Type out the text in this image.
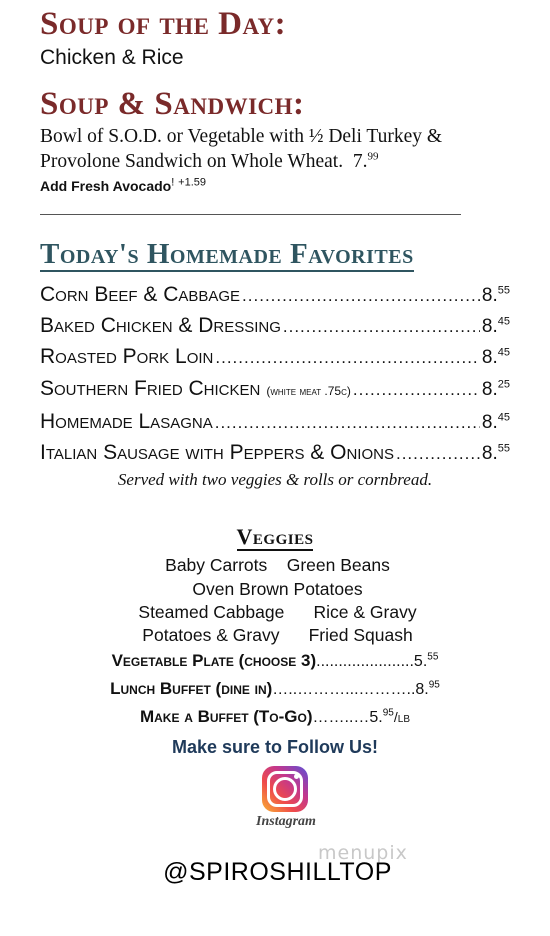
Soup of the Day:
Chicken & Rice
Soup & Sandwich:
Bowl of S.O.D. or Vegetable with ½ Deli Turkey &
Provolone Sandwich on Whole Wheat. 7.99
Add Fresh Avocado! $^{+1.59}$
Today's Homemade Favorites
Corn Beef & Cabbage .....	8.55
Baked Chicken & Dressing .....	8.45
Roasted Pork Loin .....	8.45
Southern Fried Chicken (white meat .75c) .....	8.25
Homemade Lasagna .....	8.45
Italian Sausage with Peppers & Onions .....	8.55
Served with two veggies & rolls or cornbread.
Veggies
Baby Carrots    Green Beans
Oven Brown Potatoes
Steamed Cabbage      Rice & Gravy
Potatoes & Gravy      Fried Squash
Vegetable Plate (choose 3)......................5.55
Lunch Buffet (dine in)…..………...………..8.95
Make a Buffet (To-Go)……..…5.95/lb
Make sure to Follow Us!
Instagram
menupix
@SPIROSHILLTOP
